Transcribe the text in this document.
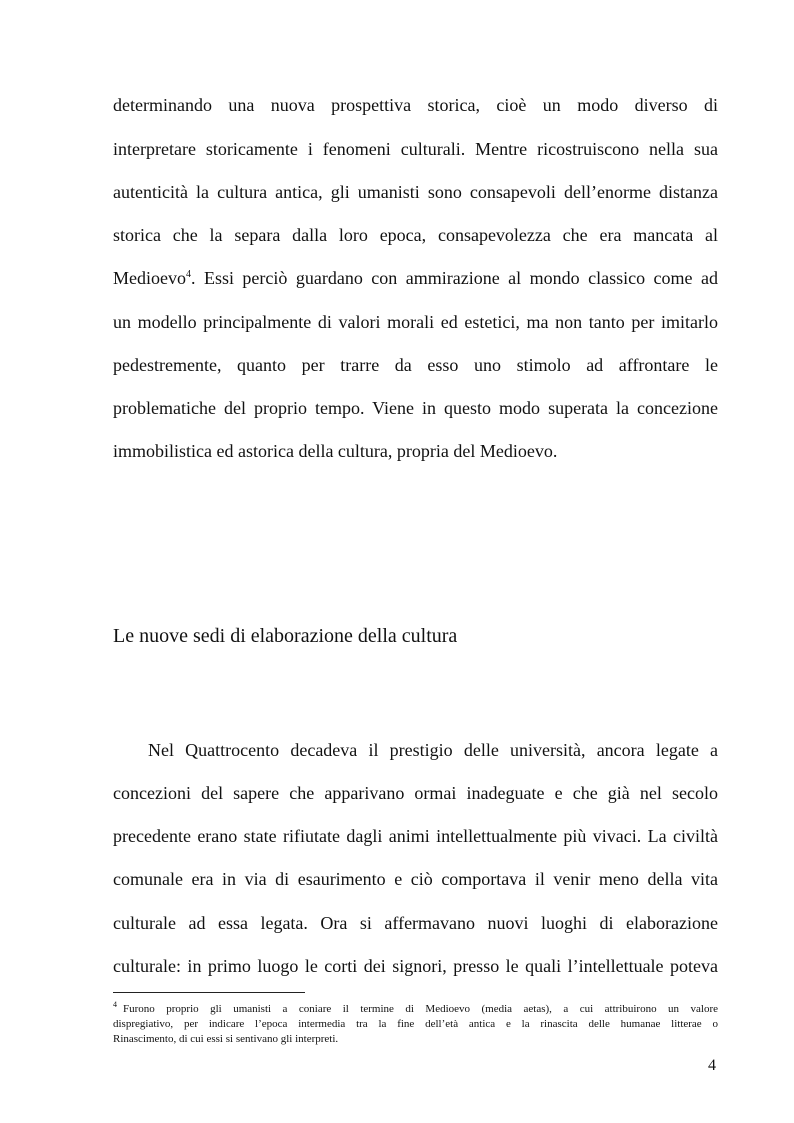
determinando una nuova prospettiva storica, cioè un modo diverso di
interpretare storicamente i fenomeni culturali. Mentre ricostruiscono nella sua
autenticità la cultura antica, gli umanisti sono consapevoli dell’enorme distanza
storica che la separa dalla loro epoca, consapevolezza che era mancata al
Medioevo$^4$. Essi perciò guardano con ammirazione al mondo classico come ad
un modello principalmente di valori morali ed estetici, ma non tanto per imitarlo
pedestremente, quanto per trarre da esso uno stimolo ad affrontare le
problematiche del proprio tempo. Viene in questo modo superata la concezione
immobilistica ed astorica della cultura, propria del Medioevo.
Le nuove sedi di elaborazione della cultura
Nel Quattrocento decadeva il prestigio delle università, ancora legate a
concezioni del sapere che apparivano ormai inadeguate e che già nel secolo
precedente erano state rifiutate dagli animi intellettualmente più vivaci. La civiltà
comunale era in via di esaurimento e ciò comportava il venir meno della vita
culturale ad essa legata. Ora si affermavano nuovi luoghi di elaborazione
culturale: in primo luogo le corti dei signori, presso le quali l’intellettuale poteva
$^4$ Furono proprio gli umanisti a coniare il termine di Medioevo (media aetas), a cui attribuirono un valore
dispregiativo, per indicare l’epoca intermedia tra la fine dell’età antica e la rinascita delle humanae litterae o
Rinascimento, di cui essi si sentivano gli interpreti.
4
